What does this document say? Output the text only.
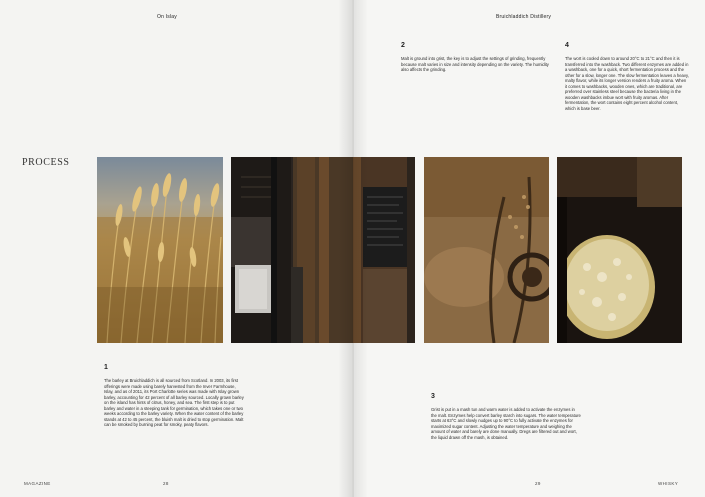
On Islay
PROCESS
1
The barley at Bruichladdich is all sourced from Scotland. In 2003, its first offerings were made using barely harvested from the Inver Farmhouse, Islay, and as of 2011, its Port Charlotte series was made with Islay grown barley, accounting for 42 percent of all barley sourced. Locally grown barley on the island has hints of citrus, honey, and sea. The first step is to put barley and water in a steeping tank for germination, which takes one or two weeks according to the barley variety. When the water content of the barley stands at 42 to 45 percent, the bluish malt is dried to stop germination. Malt can be smoked by burning peat for smoky, peaty flavors.
MAGAZINE	28
Bruichladdich Distillery
2
Malt is ground into grist, the key is to adjust the settings of grinding, frequently because malt varies in size and intensity depending on the variety. The humidity also affects the grinding.
4
The wort is cooled down to around 20°C to 21°C and then it is transferred into the washback. Two different enzymes are added in a washback, one for a quick, short fermentation process and the other for a slow, longer one. The slow fermentation leaves a heavy, malty flavor, while its longer version renders a fruity aroma. When it comes to washbacks, wooden ones, which are traditional, are preferred over stainless steel because the bacteria living in the wooden washbacks imbue wort with fruity aromas. After fermentation, the wort contains eight percent alcohol content, which is base beer.
3
Grist is put in a mash tun and warm water is added to activate the enzymes in the malt. Enzymes help convert barley starch into sugars. The water temperature starts at 63°C and slowly nudges up to 90°C to fully activate the enzymes for maximized sugar content. Adjusting the water temperature and weighing the amount of water and barely are done manually. Dregs are filtered out and wort, the liquid drawn off the mash, is obtained.
29	WHISKY
